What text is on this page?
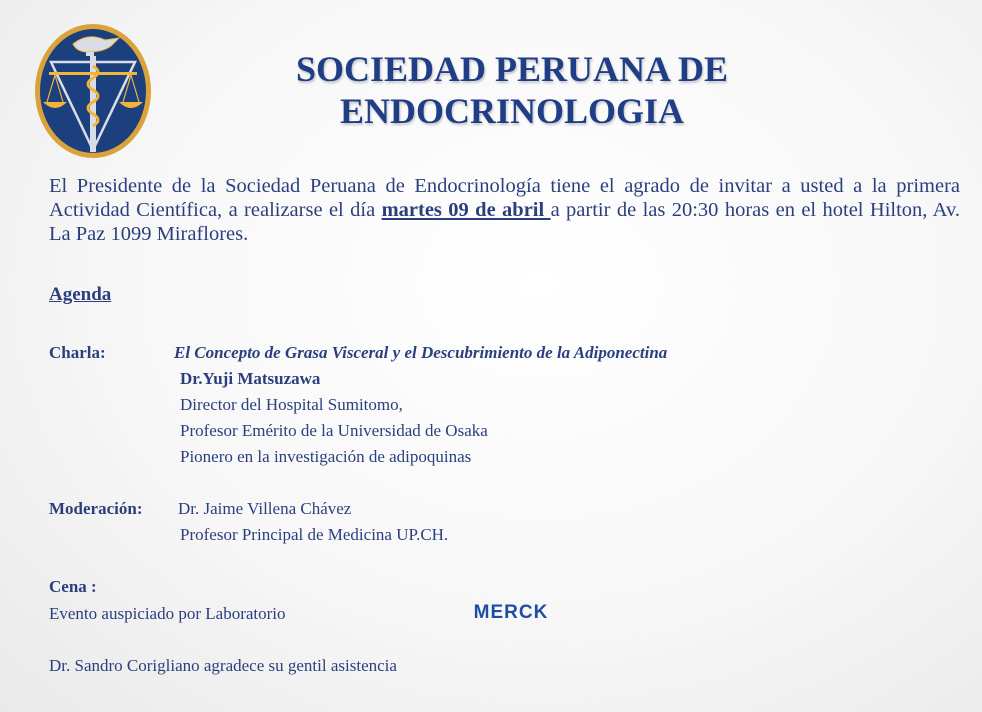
SOCIEDAD PERUANA DE
ENDOCRINOLOGIA
El Presidente de la Sociedad Peruana de Endocrinología tiene el agrado de invitar a usted a la primera Actividad Científica, a realizarse el día martes 09 de abril a partir de las 20:30 horas en el hotel Hilton, Av. La Paz 1099 Miraflores.
Agenda
Charla:	El Concepto de Grasa Visceral y el Descubrimiento de la Adiponectina
Dr.Yuji Matsuzawa
Director del Hospital Sumitomo,
Profesor Emérito de la Universidad de Osaka
Pionero en la investigación de adipoquinas
Moderación: Dr. Jaime Villena Chávez
Profesor Principal de Medicina UP.CH.
Cena :
Evento auspiciado por Laboratorio	MERCK
Dr. Sandro Corigliano agradece su gentil asistencia
